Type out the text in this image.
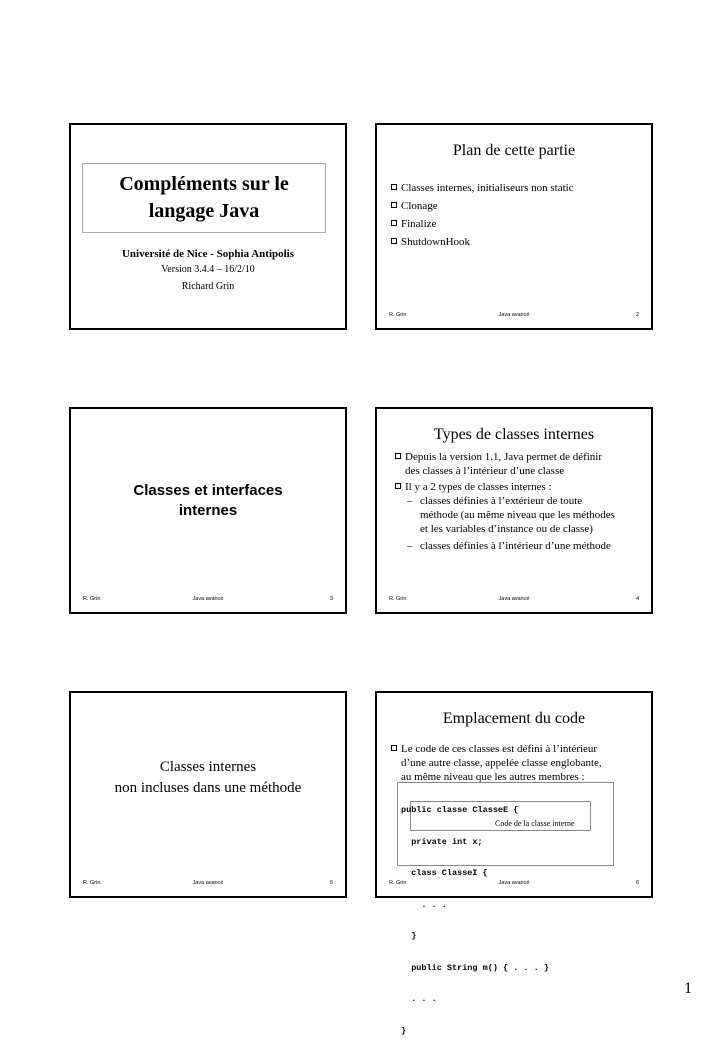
Compléments sur le
langage Java
Université de Nice - Sophia Antipolis
Version 3.4.4 – 16/2/10
Richard Grin
Plan de cette partie
Classes internes, initialiseurs non static
Clonage
Finalize
ShutdownHook
R. Grin	Java avancé	2
Classes et interfaces
internes
R. Grin	Java avancé	3
Types de classes internes
Depuis la version 1.1, Java permet de définir
des classes à l’intérieur d’une classe
Il y a 2 types de classes internes :
– classes définies à l’extérieur de toute
méthode (au même niveau que les méthodes
et les variables d’instance ou de classe)
– classes définies à l’intérieur d’une méthode
R. Grin	Java avancé	4
Classes internes
non incluses dans une méthode
R. Grin	Java avancé	5
Emplacement du code
Le code de ces classes est défini à l’intérieur
d’une autre classe, appelée classe englobante,
au même niveau que les autres membres :

public classe ClasseE {

private int x;

class ClasseI {

. . .

}

public String m() { . . . }

. . .

}

Code de la classe interne
R. Grin	Java avancé	6
1
